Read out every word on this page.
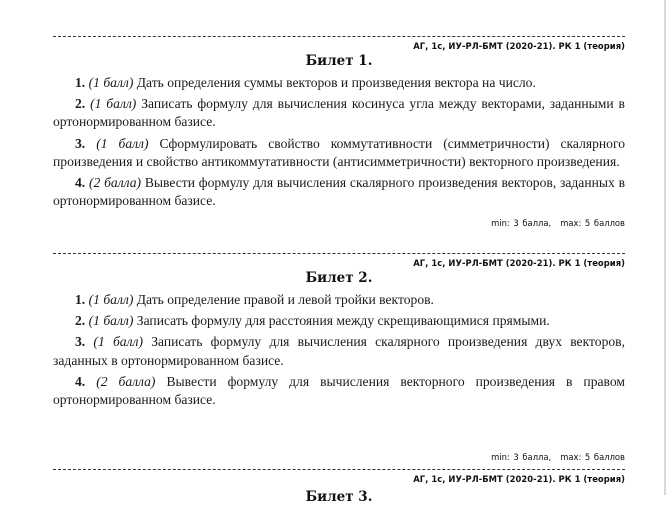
АГ, 1с, ИУ-РЛ-БМТ (2020-21). РК 1 (теория)
Билет 1.

1. (1 балл) Дать определения суммы векторов и произведения вектора на число.

2. (1 балл) Записать формулу для вычисления косинуса угла между векторами, заданными в ортонормированном базисе.

3. (1 балл) Сформулировать свойство коммутативности (симметричности) скалярного произведения и свойство антикоммутативности (антисимметричности) векторного произведения.

4. (2 балла) Вывести формулу для вычисления скалярного произведения векторов, заданных в ортонормированном базисе.

min: 3 балла, max: 5 баллов
АГ, 1с, ИУ-РЛ-БМТ (2020-21). РК 1 (теория)
Билет 2.

1. (1 балл) Дать определение правой и левой тройки векторов.

2. (1 балл) Записать формулу для расстояния между скрещивающимися прямыми.

3. (1 балл) Записать формулу для вычисления скалярного произведения двух векторов, заданных в ортонормированном базисе.

4. (2 балла) Вывести формулу для вычисления векторного произведения в правом ортонормированном базисе.

min: 3 балла, max: 5 баллов
АГ, 1с, ИУ-РЛ-БМТ (2020-21). РК 1 (теория)
Билет 3.
